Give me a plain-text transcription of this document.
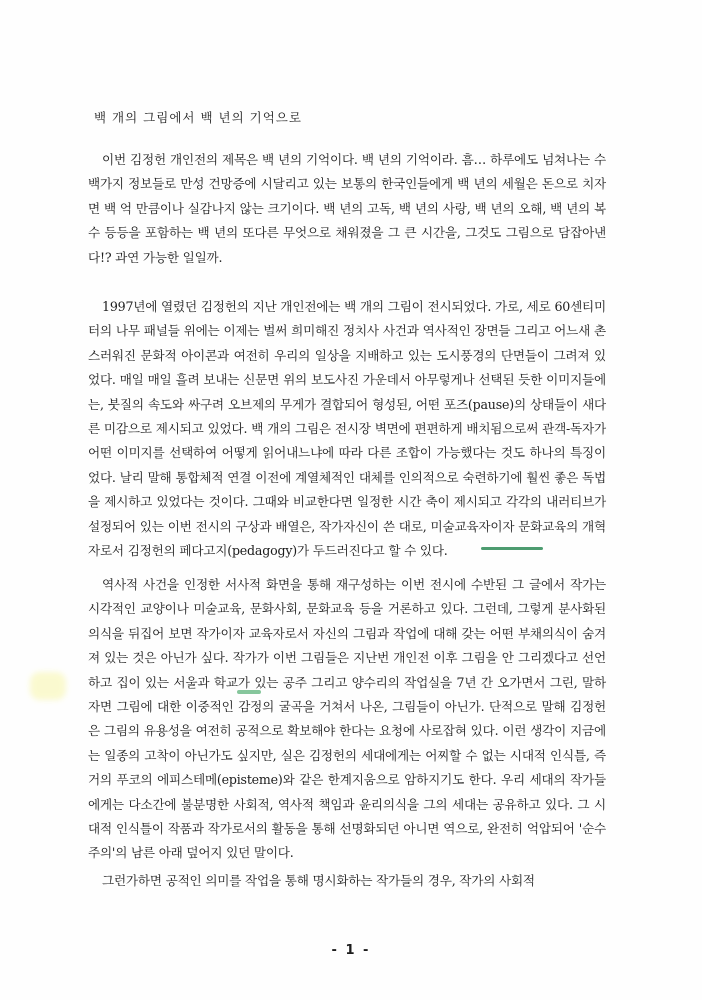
백 개의 그림에서 백 년의 기억으로
이번 김정헌 개인전의 제목은 백 년의 기억이다. 백 년의 기억이라. 흠… 하루에도 넘쳐나는 수 백가지 정보들로 만성 건망증에 시달리고 있는 보통의 한국인들에게 백 년의 세월은 돈으로 치자면 백 억 만큼이나 실감나지 않는 크기이다. 백 년의 고독, 백 년의 사랑, 백 년의 오해, 백 년의 복수 등등을 포함하는 백 년의 또다른 무엇으로 채워졌을 그 큰 시간을, 그것도 그림으로 담잡아낸다!? 과연 가능한 일일까.
1997년에 열렸던 김정헌의 지난 개인전에는 백 개의 그림이 전시되었다. 가로, 세로 60센티미터의 나무 패널들 위에는 이제는 벌써 희미해진 정치사 사건과 역사적인 장면들 그리고 어느새 촌스러워진 문화적 아이콘과 여전히 우리의 일상을 지배하고 있는 도시풍경의 단면들이 그려져 있었다. 매일 매일 흘려 보내는 신문면 위의 보도사진 가운데서 아무렇게나 선택된 듯한 이미지들에는, 붓질의 속도와 싸구려 오브제의 무게가 결합되어 형성된, 어떤 포즈(pause)의 상태들이 새다른 미감으로 제시되고 있었다. 백 개의 그림은 전시장 벽면에 편편하게 배치됨으로써 관객-독자가 어떤 이미지를 선택하여 어떻게 읽어내느냐에 따라 다른 조합이 가능했다는 것도 하나의 특징이었다. 날리 말해 통합체적 연결 이전에 계열체적인 대체를 인의적으로 숙련하기에 훨씬 좋은 독법을 제시하고 있었다는 것이다. 그때와 비교한다면 일정한 시간 축이 제시되고 각각의 내러티브가 설정되어 있는 이번 전시의 구상과 배열은, 작가자신이 쓴 대로, 미술교육자이자 문화교육의 개혁자로서 김정헌의 페다고지(pedagogy)가 두드러진다고 할 수 있다.
역사적 사건을 인정한 서사적 화면을 통해 재구성하는 이번 전시에 수반된 그 글에서 작가는 시각적인 교양이나 미술교육, 문화사회, 문화교육 등을 거론하고 있다. 그런데, 그렇게 분사화된 의식을 뒤집어 보면 작가이자 교육자로서 자신의 그림과 작업에 대해 갖는 어떤 부채의식이 숨겨져 있는 것은 아닌가 싶다. 작가가 이번 그림들은 지난번 개인전 이후 그림을 안 그리겠다고 선언하고 집이 있는 서울과 학교가 있는 공주 그리고 양수리의 작업실을 7년 간 오가면서 그린, 말하자면 그림에 대한 이중적인 감정의 굴곡을 거쳐서 나온, 그림들이 아닌가. 단적으로 말해 김정헌은 그림의 유용성을 여전히 공적으로 확보해야 한다는 요청에 사로잡혀 있다. 이런 생각이 지금에는 일종의 고착이 아닌가도 싶지만, 실은 김정헌의 세대에게는 어찌할 수 없는 시대적 인식틀, 즉 거의 푸코의 에피스테메(episteme)와 같은 한계지움으로 암하지기도 한다. 우리 세대의 작가들에게는 다소간에 불분명한 사회적, 역사적 책임과 윤리의식을 그의 세대는 공유하고 있다. 그 시대적 인식틀이 작품과 작가로서의 활동을 통해 선명화되던 아니면 역으로, 완전히 억압되어 '순수주의'의 남른 아래 덮어지 있던 말이다.
그런가하면 공적인 의미를 작업을 통해 명시화하는 작가들의 경우, 작가의 사회적
- 1 -
